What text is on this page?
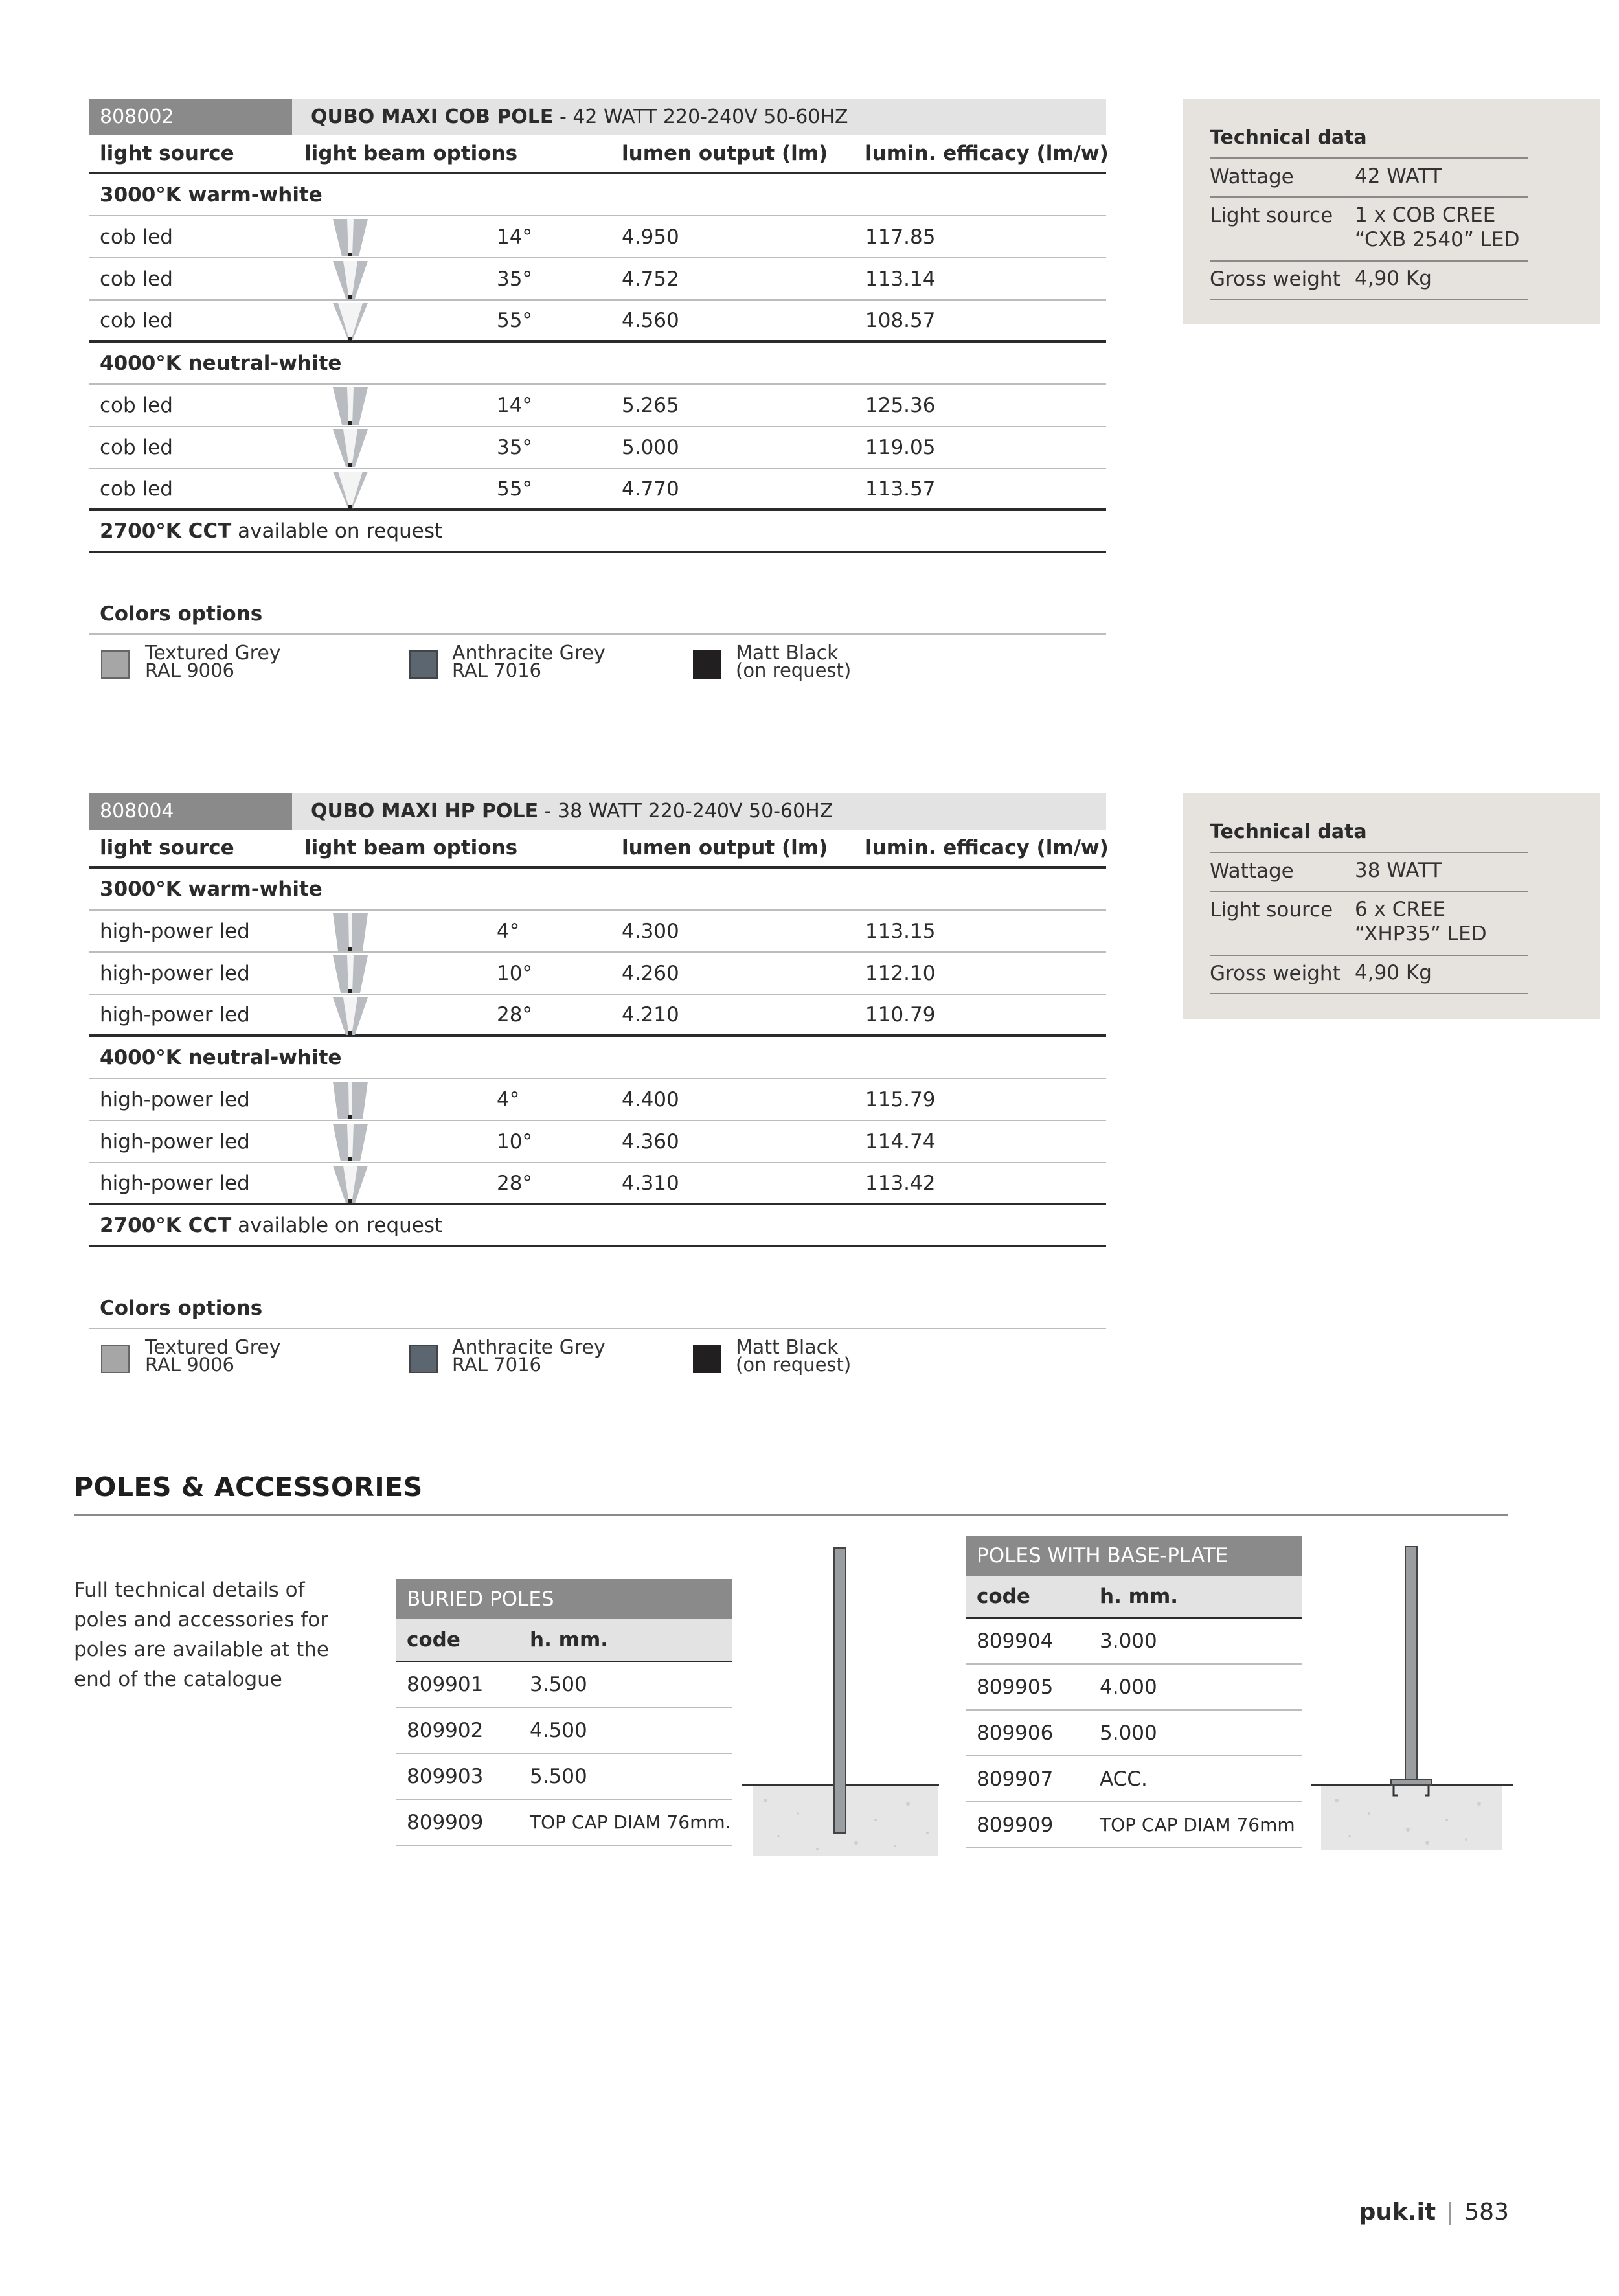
808002	QUBO MAXI COB POLE - 42 WATT 220-240V 50-60HZ
light source	light beam options	lumen output (lm) lumin. efficacy (lm/w)
3000°K warm-white
cob led	14°	4.950	117.85
cob led	35°	4.752	113.14
cob led	55°	4.560	108.57
4000°K neutral-white
cob led	14°	5.265	125.36
cob led	35°	5.000	119.05
cob led	55°	4.770	113.57
2700°K CCT available on request
Colors options
Textured Grey
RAL 9006
Anthracite Grey
RAL 7016
Matt Black
(on request)
Technical data
Wattage	42 WATT
Light source 1 x COB CREE
“CXB 2540” LED
Gross weight 4,90 Kg
808004	QUBO MAXI HP POLE - 38 WATT 220-240V 50-60HZ
light source	light beam options	lumen output (lm) lumin. efficacy (lm/w)
3000°K warm-white
high-power led	4°	4.300	113.15
high-power led	10°	4.260	112.10
high-power led	28°	4.210	110.79
4000°K neutral-white
high-power led	4°	4.400	115.79
high-power led	10°	4.360	114.74
high-power led	28°	4.310	113.42
2700°K CCT available on request
Colors options
Textured Grey
RAL 9006
Anthracite Grey
RAL 7016
Matt Black
(on request)
Technical data
Wattage	38 WATT
Light source 6 x CREE
“XHP35” LED
Gross weight 4,90 Kg
POLES & ACCESSORIES
Full technical details of poles and accessories for poles are available at the end of the catalogue
BURIED POLES
code	h. mm.
809901 3.500
809902 4.500
809903 5.500
809909	TOP CAP DIAM 76mm.
POLES WITH BASE-PLATE
code	h. mm.
809904 3.000
809905 4.000
809906 5.000
809907 ACC.
809909	TOP CAP DIAM 76mm
puk.it | 583
